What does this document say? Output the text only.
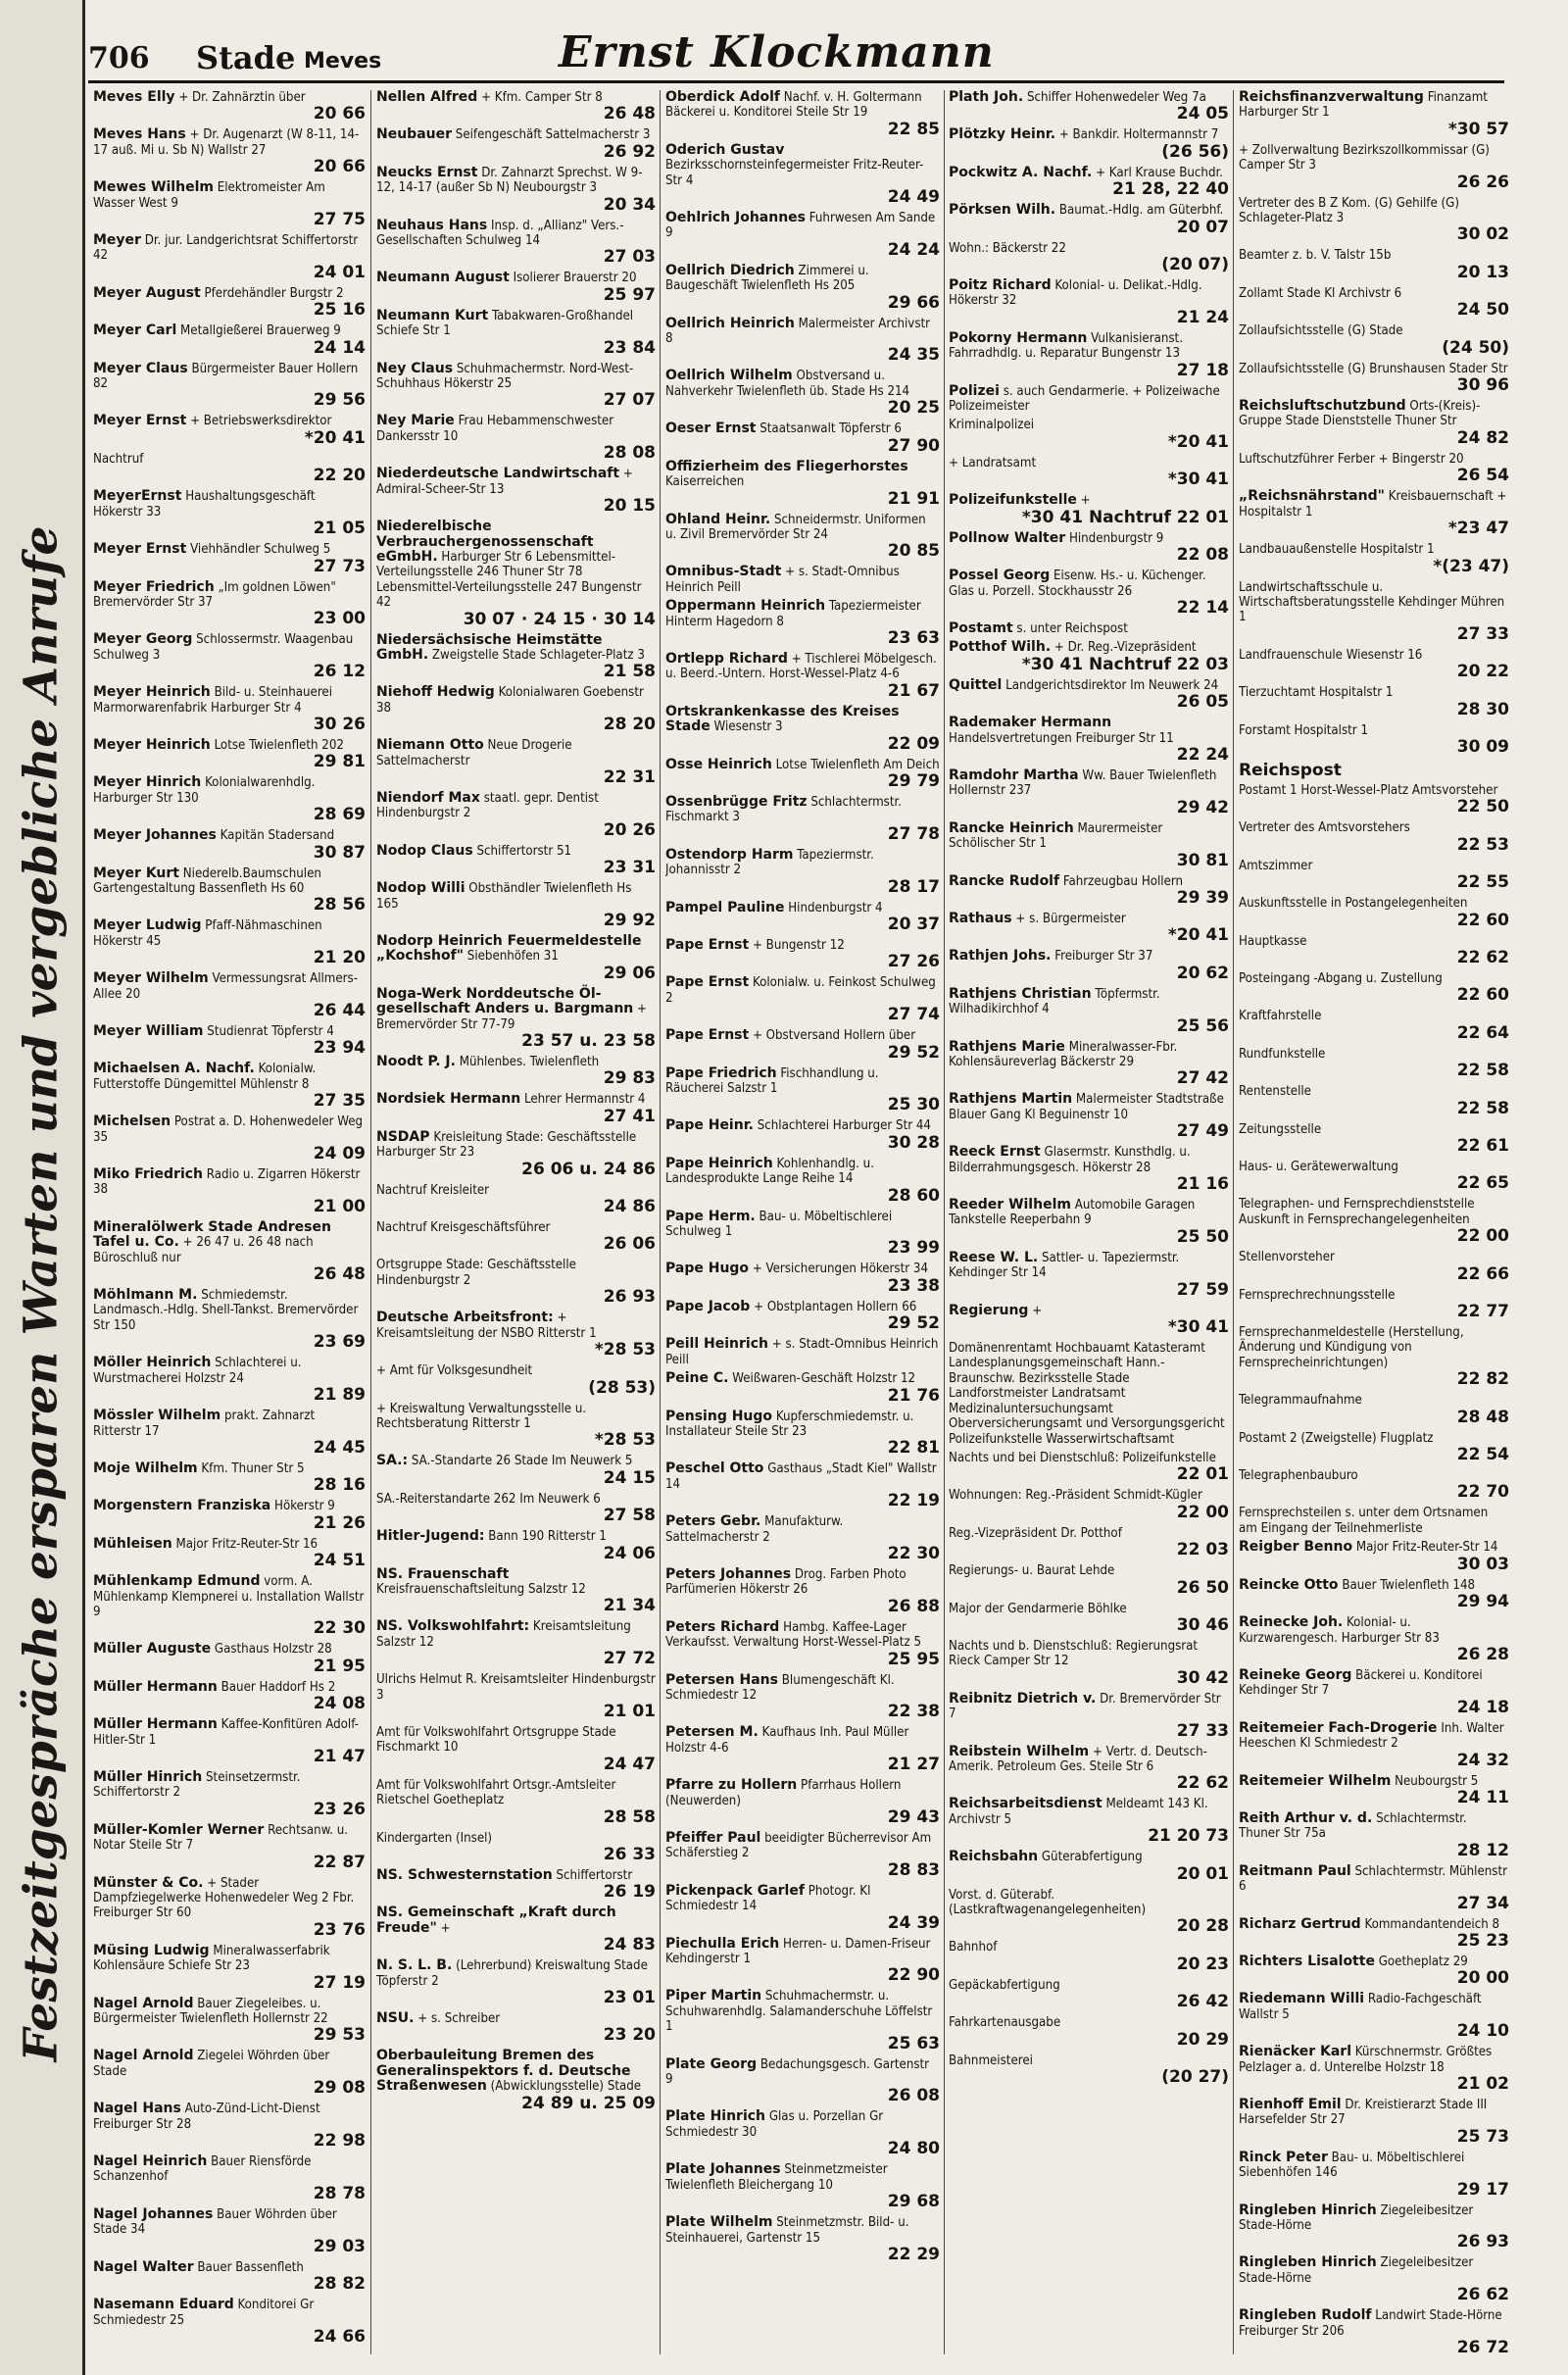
Festzeitgespräche ersparen Warten und vergebliche Anrufe
706 Stade Meves	Ernst Klockmann
Meves Elly + Dr. Zahnärztin über
20 66
Meves Hans + Dr. Augenarzt (W 8-11, 14-17 auß. Mi u. Sb N) Wallstr 27
20 66
Mewes Wilhelm Elektromeister Am Wasser West 9
27 75
Meyer Dr. jur. Landgerichtsrat Schiffertorstr 42
24 01
Meyer August Pferdehändler Burgstr 2
25 16
Meyer Carl Metallgießerei Brauerweg 9
24 14
Meyer Claus Bürgermeister Bauer Hollern 82
29 56
Meyer Ernst + Betriebswerksdirektor
*20 41
Nachtruf
22 20
MeyerErnst Haushaltungsgeschäft Hökerstr 33
21 05
Meyer Ernst Viehhändler Schulweg 5
27 73
Meyer Friedrich „Im goldnen Löwen" Bremervörder Str 37
23 00
Meyer Georg Schlossermstr. Waagenbau Schulweg 3
26 12
Meyer Heinrich Bild- u. Steinhauerei Marmorwarenfabrik Harburger Str 4
30 26
Meyer Heinrich Lotse Twielenfleth 202
29 81
Meyer Hinrich Kolonialwarenhdlg. Harburger Str 130
28 69
Meyer Johannes Kapitän Stadersand
30 87
Meyer Kurt Niederelb.Baumschulen Gartengestaltung Bassenfleth Hs 60
28 56
Meyer Ludwig Pfaff-Nähmaschinen Hökerstr 45
21 20
Meyer Wilhelm Vermessungsrat Allmers-Allee 20
26 44
Meyer William Studienrat Töpferstr 4
23 94
Michaelsen A. Nachf. Kolonialw. Futterstoffe Düngemittel Mühlenstr 8
27 35
Michelsen Postrat a. D. Hohenwedeler Weg 35
24 09
Miko Friedrich Radio u. Zigarren Hökerstr 38
21 00
Mineralölwerk Stade Andresen Tafel u. Co. + 26 47 u. 26 48 nach Büroschluß nur
26 48
Möhlmann M. Schmiedemstr. Landmasch.-Hdlg. Shell-Tankst. Bremervörder Str 150
23 69
Möller Heinrich Schlachterei u. Wurstmacherei Holzstr 24
21 89
Mössler Wilhelm prakt. Zahnarzt Ritterstr 17
24 45
Moje Wilhelm Kfm. Thuner Str 5
28 16
Morgenstern Franziska Hökerstr 9
21 26
Mühleisen Major Fritz-Reuter-Str 16
24 51
Mühlenkamp Edmund vorm. A. Mühlenkamp Klempnerei u. Installation Wallstr 9
22 30
Müller Auguste Gasthaus Holzstr 28
21 95
Müller Hermann Bauer Haddorf Hs 2
24 08
Müller Hermann Kaffee-Konfitüren Adolf-Hitler-Str 1
21 47
Müller Hinrich Steinsetzermstr. Schiffertorstr 2
23 26
Müller-Komler Werner Rechtsanw. u. Notar Steile Str 7
22 87
Münster & Co. + Stader Dampfziegelwerke Hohenwedeler Weg 2 Fbr. Freiburger Str 60
23 76
Müsing Ludwig Mineralwasserfabrik Kohlensäure Schiefe Str 23
27 19
Nagel Arnold Bauer Ziegeleibes. u. Bürgermeister Twielenfleth Hollernstr 22
29 53
Nagel Arnold Ziegelei Wöhrden über Stade
29 08
Nagel Hans Auto-Zünd-Licht-Dienst Freiburger Str 28
22 98
Nagel Heinrich Bauer Riensförde Schanzenhof
28 78
Nagel Johannes Bauer Wöhrden über Stade 34
29 03
Nagel Walter Bauer Bassenfleth
28 82
Nasemann Eduard Konditorei Gr Schmiedestr 25
24 66
Nellen Alfred + Kfm. Camper Str 8
26 48
Neubauer Seifengeschäft Sattelmacherstr 3
26 92
Neucks Ernst Dr. Zahnarzt Sprechst. W 9-12, 14-17 (außer Sb N) Neubourgstr 3
20 34
Neuhaus Hans Insp. d. „Allianz" Vers.-Gesellschaften Schulweg 14
27 03
Neumann August Isolierer Brauerstr 20
25 97
Neumann Kurt Tabakwaren-Großhandel Schiefe Str 1
23 84
Ney Claus Schuhmachermstr. Nord-West-Schuhhaus Hökerstr 25
27 07
Ney Marie Frau Hebammenschwester Dankersstr 10
28 08
Niederdeutsche Landwirtschaft + Admiral-Scheer-Str 13
20 15
Niederelbische Verbrauchergenossenschaft eGmbH. Harburger Str 6 Lebensmittel-Verteilungsstelle 246 Thuner Str 78 Lebensmittel-Verteilungsstelle 247 Bungenstr 42
30 07 · 24 15 · 30 14
Niedersächsische Heimstätte GmbH. Zweigstelle Stade Schlageter-Platz 3
21 58
Niehoff Hedwig Kolonialwaren Goebenstr 38
28 20
Niemann Otto Neue Drogerie Sattelmacherstr
22 31
Niendorf Max staatl. gepr. Dentist Hindenburgstr 2
20 26
Nodop Claus Schiffertorstr 51
23 31
Nodop Willi Obsthändler Twielenfleth Hs 165
29 92
Nodorp Heinrich Feuermeldestelle „Kochshof" Siebenhöfen 31
29 06
Noga-Werk Norddeutsche Öl-gesellschaft Anders u. Bargmann + Bremervörder Str 77-79
23 57 u. 23 58
Noodt P. J. Mühlenbes. Twielenfleth
29 83
Nordsiek Hermann Lehrer Hermannstr 4
27 41
NSDAP Kreisleitung Stade: Geschäftsstelle Harburger Str 23
26 06 u. 24 86
Nachtruf Kreisleiter
24 86
Nachtruf Kreisgeschäftsführer
26 06
Ortsgruppe Stade: Geschäftsstelle Hindenburgstr 2
26 93
Deutsche Arbeitsfront: + Kreisamtsleitung der NSBO Ritterstr 1
*28 53
+ Amt für Volksgesundheit
(28 53)
+ Kreiswaltung Verwaltungsstelle u. Rechtsberatung Ritterstr 1
*28 53
SA.: SA.-Standarte 26 Stade Im Neuwerk 5
24 15
SA.-Reiterstandarte 262 Im Neuwerk 6
27 58
Hitler-Jugend: Bann 190 Ritterstr 1
24 06
NS. Frauenschaft Kreisfrauenschaftsleitung Salzstr 12
21 34
NS. Volkswohlfahrt: Kreisamtsleitung Salzstr 12
27 72
Ulrichs Helmut R. Kreisamtsleiter Hindenburgstr 3
21 01
Amt für Volkswohlfahrt Ortsgruppe Stade Fischmarkt 10
24 47
Amt für Volkswohlfahrt Ortsgr.-Amtsleiter Rietschel Goetheplatz
28 58
Kindergarten (Insel)
26 33
NS. Schwesternstation Schiffertorstr
26 19
NS. Gemeinschaft „Kraft durch Freude" +
24 83
N. S. L. B. (Lehrerbund) Kreiswaltung Stade Töpferstr 2
23 01
NSU. + s. Schreiber
23 20
Oberbauleitung Bremen des Generalinspektors f. d. Deutsche Straßenwesen (Abwicklungsstelle) Stade
24 89 u. 25 09
Oberdick Adolf Nachf. v. H. Goltermann Bäckerei u. Konditorei Steile Str 19
22 85
Oderich Gustav Bezirksschornsteinfegermeister Fritz-Reuter-Str 4
24 49
Oehlrich Johannes Fuhrwesen Am Sande 9
24 24
Oellrich Diedrich Zimmerei u. Baugeschäft Twielenfleth Hs 205
29 66
Oellrich Heinrich Malermeister Archivstr 8
24 35
Oellrich Wilhelm Obstversand u. Nahverkehr Twielenfleth üb. Stade Hs 214
20 25
Oeser Ernst Staatsanwalt Töpferstr 6
27 90
Offizierheim des Fliegerhorstes Kaiserreichen
21 91
Ohland Heinr. Schneidermstr. Uniformen u. Zivil Bremervörder Str 24
20 85
Omnibus-Stadt + s. Stadt-Omnibus Heinrich Peill
Oppermann Heinrich Tapeziermeister Hinterm Hagedorn 8
23 63
Ortlepp Richard + Tischlerei Möbelgesch. u. Beerd.-Untern. Horst-Wessel-Platz 4-6
21 67
Ortskrankenkasse des Kreises Stade Wiesenstr 3
22 09
Osse Heinrich Lotse Twielenfleth Am Deich
29 79
Ossenbrügge Fritz Schlachtermstr. Fischmarkt 3
27 78
Ostendorp Harm Tapeziermstr. Johannisstr 2
28 17
Pampel Pauline Hindenburgstr 4
20 37
Pape Ernst + Bungenstr 12
27 26
Pape Ernst Kolonialw. u. Feinkost Schulweg 2
27 74
Pape Ernst + Obstversand Hollern über
29 52
Pape Friedrich Fischhandlung u. Räucherei Salzstr 1
25 30
Pape Heinr. Schlachterei Harburger Str 44
30 28
Pape Heinrich Kohlenhandlg. u. Landesprodukte Lange Reihe 14
28 60
Pape Herm. Bau- u. Möbeltischlerei Schulweg 1
23 99
Pape Hugo + Versicherungen Hökerstr 34
23 38
Pape Jacob + Obstplantagen Hollern 66
29 52
Peill Heinrich + s. Stadt-Omnibus Heinrich Peill
Peine C. Weißwaren-Geschäft Holzstr 12
21 76
Pensing Hugo Kupferschmiedemstr. u. Installateur Steile Str 23
22 81
Peschel Otto Gasthaus „Stadt Kiel" Wallstr 14
22 19
Peters Gebr. Manufakturw. Sattelmacherstr 2
22 30
Peters Johannes Drog. Farben Photo Parfümerien Hökerstr 26
26 88
Peters Richard Hambg. Kaffee-Lager Verkaufsst. Verwaltung Horst-Wessel-Platz 5
25 95
Petersen Hans Blumengeschäft Kl. Schmiedestr 12
22 38
Petersen M. Kaufhaus Inh. Paul Müller Holzstr 4-6
21 27
Pfarre zu Hollern Pfarrhaus Hollern (Neuwerden)
29 43
Pfeiffer Paul beeidigter Bücherrevisor Am Schäferstieg 2
28 83
Pickenpack Garlef Photogr. Kl Schmiedestr 14
24 39
Piechulla Erich Herren- u. Damen-Friseur Kehdingerstr 1
22 90
Piper Martin Schuhmachermstr. u. Schuhwarenhdlg. Salamanderschuhe Löffelstr 1
25 63
Plate Georg Bedachungsgesch. Gartenstr 9
26 08
Plate Hinrich Glas u. Porzellan Gr Schmiedestr 30
24 80
Plate Johannes Steinmetzmeister Twielenfleth Bleichergang 10
29 68
Plate Wilhelm Steinmetzmstr. Bild- u. Steinhauerei, Gartenstr 15
22 29
Plath Joh. Schiffer Hohenwedeler Weg 7a
24 05
Plötzky Heinr. + Bankdir. Holtermannstr 7
(26 56)
Pockwitz A. Nachf. + Karl Krause Buchdr.
21 28, 22 40
Pörksen Wilh. Baumat.-Hdlg. am Güterbhf.
20 07
Wohn.: Bäckerstr 22
(20 07)
Poitz Richard Kolonial- u. Delikat.-Hdlg. Hökerstr 32
21 24
Pokorny Hermann Vulkanisieranst. Fahrradhdlg. u. Reparatur Bungenstr 13
27 18
Polizei s. auch Gendarmerie. + Polizeiwache Polizeimeister
Kriminalpolizei
*20 41
+ Landratsamt
*30 41
Polizeifunkstelle +
*30 41 Nachtruf 22 01
Pollnow Walter Hindenburgstr 9
22 08
Possel Georg Eisenw. Hs.- u. Küchenger. Glas u. Porzell. Stockhausstr 26
22 14
Postamt s. unter Reichspost
Potthof Wilh. + Dr. Reg.-Vizepräsident
*30 41 Nachtruf 22 03
Quittel Landgerichtsdirektor Im Neuwerk 24
26 05
Rademaker Hermann Handelsvertretungen Freiburger Str 11
22 24
Ramdohr Martha Ww. Bauer Twielenfleth Hollernstr 237
29 42
Rancke Heinrich Maurermeister Schölischer Str 1
30 81
Rancke Rudolf Fahrzeugbau Hollern
29 39
Rathaus + s. Bürgermeister
*20 41
Rathjen Johs. Freiburger Str 37
20 62
Rathjens Christian Töpfermstr. Wilhadikirchhof 4
25 56
Rathjens Marie Mineralwasser-Fbr. Kohlensäureverlag Bäckerstr 29
27 42
Rathjens Martin Malermeister Stadtstraße Blauer Gang Kl Beguinenstr 10
27 49
Reeck Ernst Glasermstr. Kunsthdlg. u. Bilderrahmungsgesch. Hökerstr 28
21 16
Reeder Wilhelm Automobile Garagen Tankstelle Reeperbahn 9
25 50
Reese W. L. Sattler- u. Tapeziermstr. Kehdinger Str 14
27 59
Regierung +
*30 41
Domänenrentamt Hochbauamt Katasteramt Landesplanungsgemeinschaft Hann.-Braunschw. Bezirksstelle Stade Landforstmeister Landratsamt Medizinaluntersuchungsamt Oberversicherungsamt und Versorgungsgericht Polizeifunkstelle Wasserwirtschaftsamt
Nachts und bei Dienstschluß: Polizeifunkstelle
22 01
Wohnungen: Reg.-Präsident Schmidt-Kügler
22 00
Reg.-Vizepräsident Dr. Potthof
22 03
Regierungs- u. Baurat Lehde
26 50
Major der Gendarmerie Böhlke
30 46
Nachts und b. Dienstschluß: Regierungsrat Rieck Camper Str 12
30 42
Reibnitz Dietrich v. Dr. Bremervörder Str 7
27 33
Reibstein Wilhelm + Vertr. d. Deutsch-Amerik. Petroleum Ges. Steile Str 6
22 62
Reichsarbeitsdienst Meldeamt 143 Kl. Archivstr 5
21 20 73
Reichsbahn Güterabfertigung
20 01
Vorst. d. Güterabf. (Lastkraftwagenangelegenheiten)
20 28
Bahnhof
20 23
Gepäckabfertigung
26 42
Fahrkartenausgabe
20 29
Bahnmeisterei
(20 27)
Reichsfinanzverwaltung Finanzamt Harburger Str 1
*30 57
+ Zollverwaltung Bezirkszollkommissar (G) Camper Str 3
26 26
Vertreter des B Z Kom. (G) Gehilfe (G) Schlageter-Platz 3
30 02
Beamter z. b. V. Talstr 15b
20 13
Zollamt Stade Kl Archivstr 6
24 50
Zollaufsichtsstelle (G) Stade
(24 50)
Zollaufsichtsstelle (G) Brunshausen Stader Str
30 96
Reichsluftschutzbund Orts-(Kreis)-Gruppe Stade Dienststelle Thuner Str
24 82
Luftschutzführer Ferber + Bingerstr 20
26 54
„Reichsnährstand" Kreisbauernschaft + Hospitalstr 1
*23 47
Landbauaußenstelle Hospitalstr 1
*(23 47)
Landwirtschaftsschule u. Wirtschaftsberatungsstelle Kehdinger Mühren 1
27 33
Landfrauenschule Wiesenstr 16
20 22
Tierzuchtamt Hospitalstr 1
28 30
Forstamt Hospitalstr 1
30 09
Reichspost
Postamt 1 Horst-Wessel-Platz Amtsvorsteher
22 50
Vertreter des Amtsvorstehers
22 53
Amtszimmer
22 55
Auskunftsstelle in Postangelegenheiten
22 60
Hauptkasse
22 62
Posteingang -Abgang u. Zustellung
22 60
Kraftfahrstelle
22 64
Rundfunkstelle
22 58
Rentenstelle
22 58
Zeitungsstelle
22 61
Haus- u. Gerätewerwaltung
22 65
Telegraphen- und Fernsprechdienststelle Auskunft in Fernsprechangelegenheiten
22 00
Stellenvorsteher
22 66
Fernsprechrechnungsstelle
22 77
Fernsprechanmeldestelle (Herstellung, Änderung und Kündigung von Fernsprecheinrichtungen)
22 82
Telegrammaufnahme
28 48
Postamt 2 (Zweigstelle) Flugplatz
22 54
Telegraphenbauburo
22 70
Fernsprechsteilen s. unter dem Ortsnamen am Eingang der Teilnehmerliste
Reigber Benno Major Fritz-Reuter-Str 14
30 03
Reincke Otto Bauer Twielenfleth 148
29 94
Reinecke Joh. Kolonial- u. Kurzwarengesch. Harburger Str 83
26 28
Reineke Georg Bäckerei u. Konditorei Kehdinger Str 7
24 18
Reitemeier Fach-Drogerie Inh. Walter Heeschen Kl Schmiedestr 2
24 32
Reitemeier Wilhelm Neubourgstr 5
24 11
Reith Arthur v. d. Schlachtermstr. Thuner Str 75a
28 12
Reitmann Paul Schlachtermstr. Mühlenstr 6
27 34
Richarz Gertrud Kommandantendeich 8
25 23
Richters Lisalotte Goetheplatz 29
20 00
Riedemann Willi Radio-Fachgeschäft Wallstr 5
24 10
Rienäcker Karl Kürschnermstr. Größtes Pelzlager a. d. Unterelbe Holzstr 18
21 02
Rienhoff Emil Dr. Kreistierarzt Stade III Harsefelder Str 27
25 73
Rinck Peter Bau- u. Möbeltischlerei Siebenhöfen 146
29 17
Ringleben Hinrich Ziegeleibesitzer Stade-Hörne
26 93
Ringleben Hinrich Ziegeleibesitzer Stade-Hörne
26 62
Ringleben Rudolf Landwirt Stade-Hörne Freiburger Str 206
26 72
